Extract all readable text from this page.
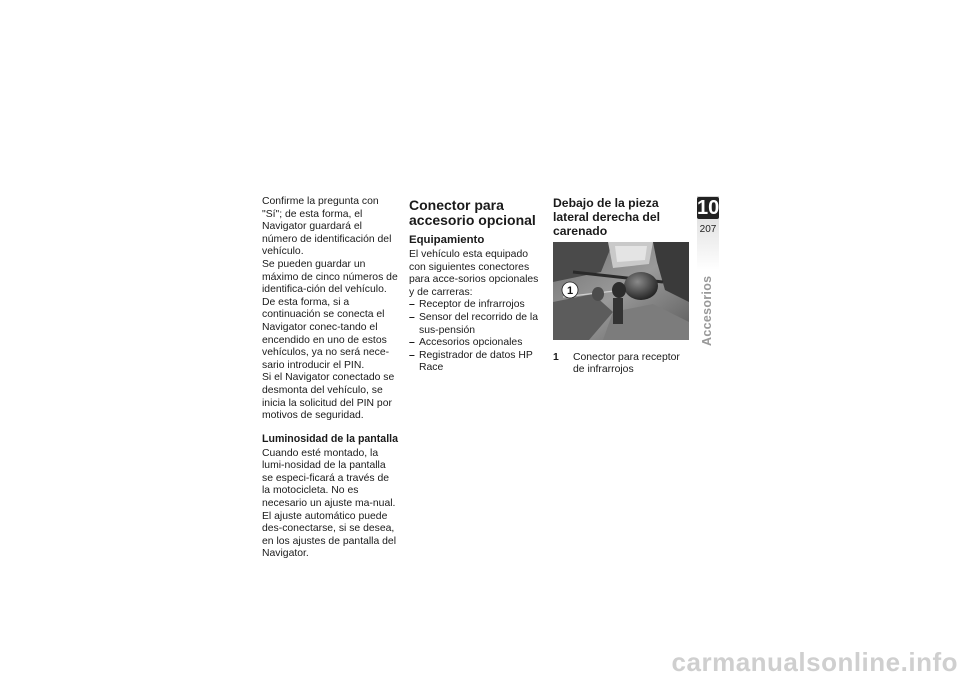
Confirme la pregunta con "Sí"; de esta forma, el Navigator guardará el número de identificación del vehículo.

Se pueden guardar un máximo de cinco números de identifica-ción del vehículo.

De esta forma, si a continuación se conecta el Navigator conec-tando el encendido en uno de estos vehículos, ya no será nece-sario introducir el PIN.

Si el Navigator conectado se desmonta del vehículo, se inicia la solicitud del PIN por motivos de seguridad.

Luminosidad de la pantalla

Cuando esté montado, la lumi-nosidad de la pantalla se especi-ficará a través de la motocicleta. No es necesario un ajuste ma-nual.

El ajuste automático puede des-conectarse, si se desea, en los ajustes de pantalla del Navigator.

Conector para accesorio opcional
Equipamiento

El vehículo esta equipado con siguientes conectores para acce-sorios opcionales y de carreras:

– Receptor de infrarrojos
– Sensor del recorrido de la sus-pensión
– Accesorios opcionales
– Registrador de datos HP Race
Debajo de la pieza lateral derecha del carenado
1
1	Conector para receptor de infrarrojos
10
207
Accesorios
carmanualsonline.info
